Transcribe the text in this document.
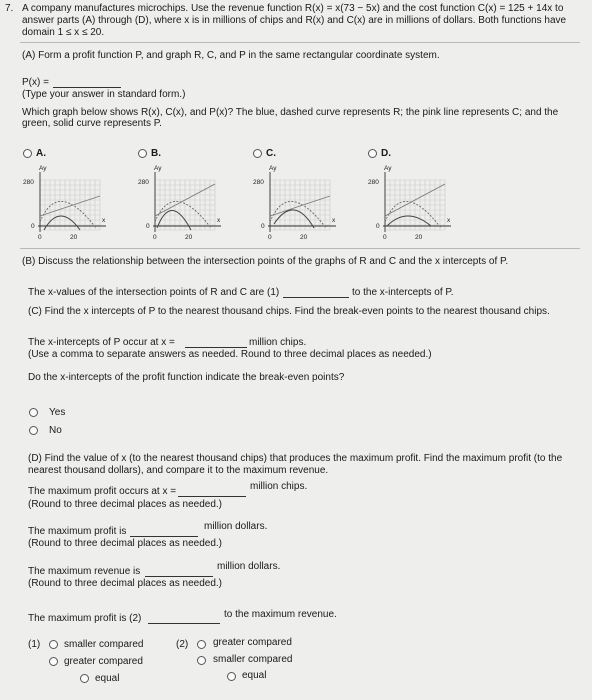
7. A company manufactures microchips. Use the revenue function R(x) = x(73 − 5x) and the cost function C(x) = 125 + 14x to
answer parts (A) through (D), where x is in millions of chips and R(x) and C(x) are in millions of dollars. Both functions have
domain 1 ≤ x ≤ 20.
(A) Form a profit function P, and graph R, C, and P in the same rectangular coordinate system.
P(x) =
(Type your answer in standard form.)
Which graph below shows R(x), C(x), and P(x)? The blue, dashed curve represents R; the pink line represents C; and the
green, solid curve represents P.
A.
Ay
280
0
x
0	20
B.
Ay
280
0
x
0	20
C.
Ay
280
0
x
0	20
D.
Ay
280
0
x
0	20
(B) Discuss the relationship between the intersection points of the graphs of R and C and the x intercepts of P.
The x-values of the intersection points of R and C are (1)	to the x-intercepts of P.
(C) Find the x intercepts of P to the nearest thousand chips. Find the break-even points to the nearest thousand chips.
The x-intercepts of P occur at x =	million chips.
(Use a comma to separate answers as needed. Round to three decimal places as needed.)
Do the x-intercepts of the profit function indicate the break-even points?
Yes
No
(D) Find the value of x (to the nearest thousand chips) that produces the maximum profit. Find the maximum profit (to the
nearest thousand dollars), and compare it to the maximum revenue.
The maximum profit occurs at x =	million chips.
(Round to three decimal places as needed.)
The maximum profit is	million dollars.
(Round to three decimal places as needed.)
The maximum revenue is	million dollars.
(Round to three decimal places as needed.)
The maximum profit is (2)	to the maximum revenue.
(1) smaller compared
greater compared
equal
(2) greater compared
smaller compared
equal
